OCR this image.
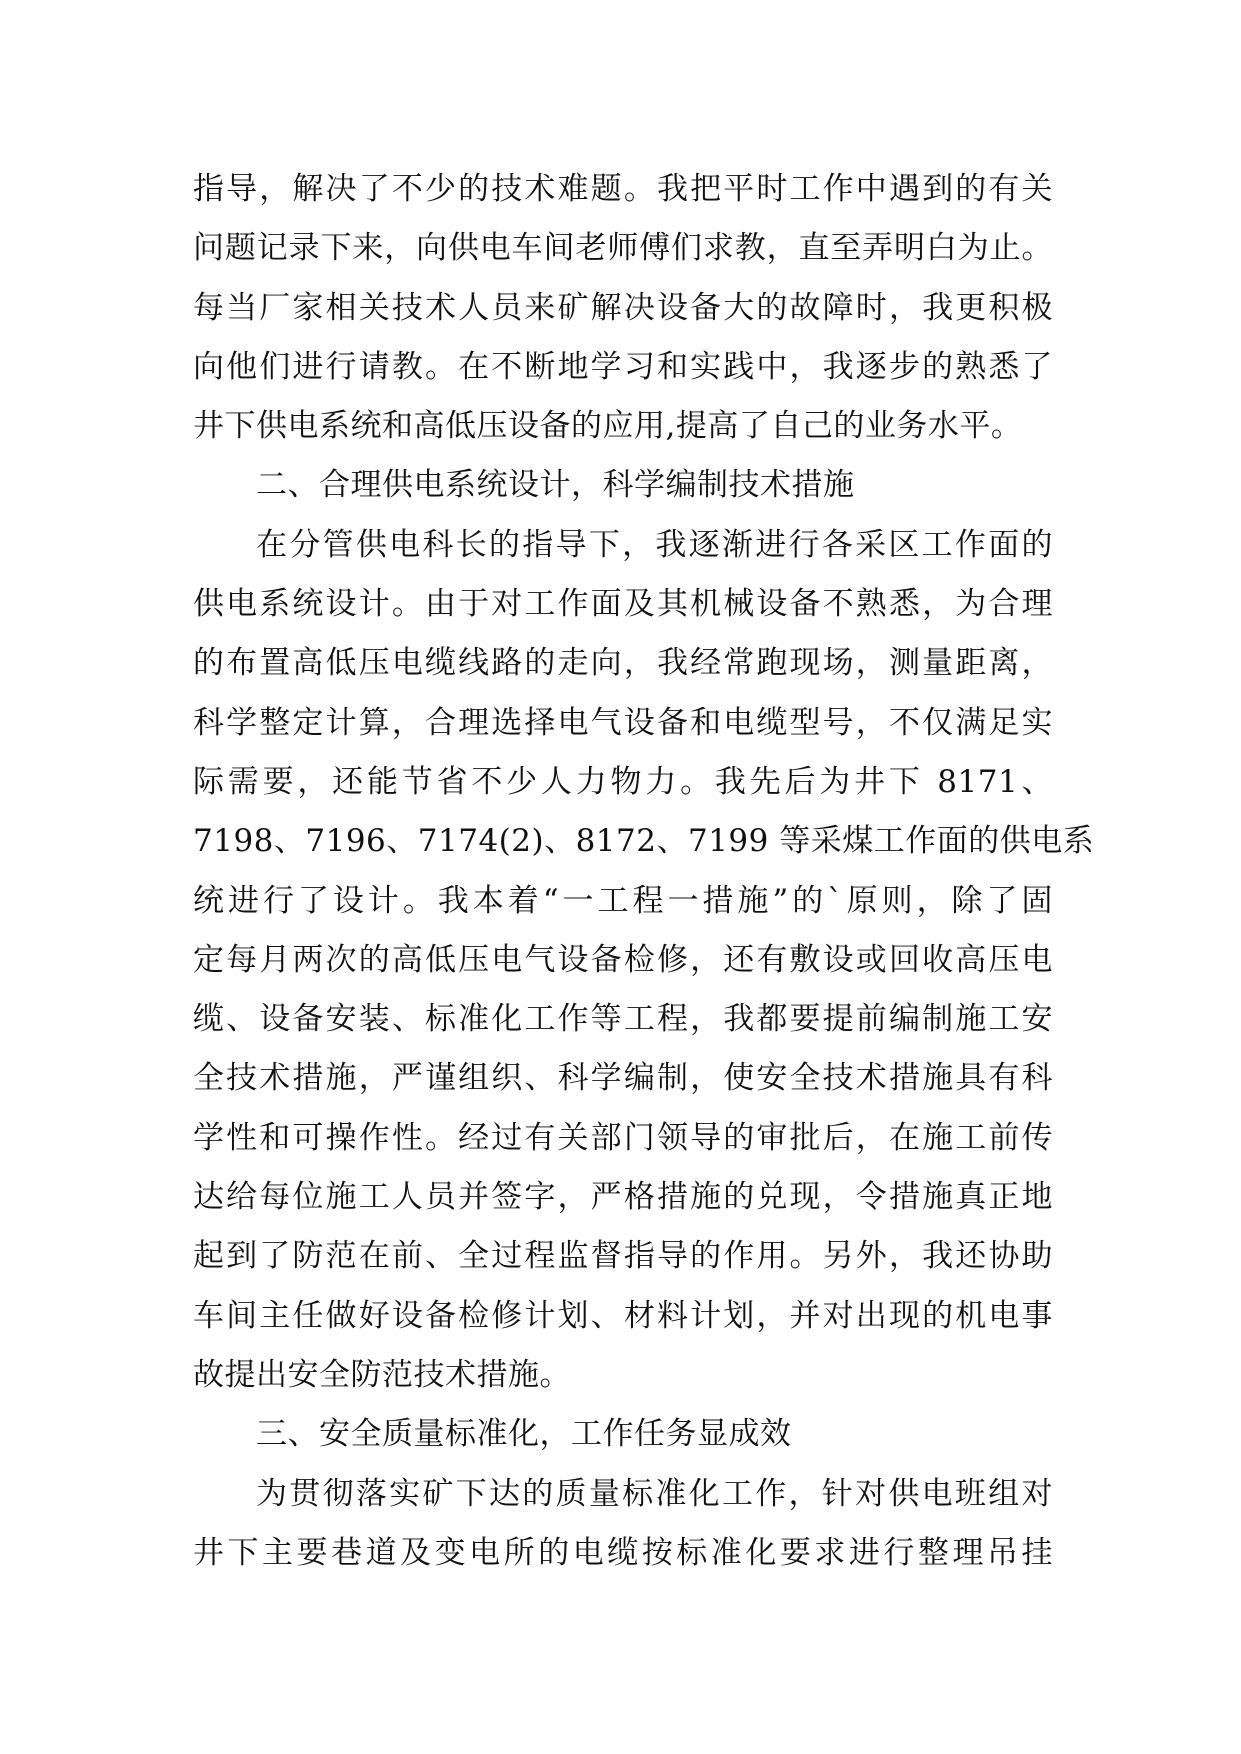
指导，解决了不少的技术难题。我把平时工作中遇到的有关
问题记录下来，向供电车间老师傅们求教，直至弄明白为止。
每当厂家相关技术人员来矿解决设备大的故障时，我更积极
向他们进行请教。在不断地学习和实践中，我逐步的熟悉了
井下供电系统和高低压设备的应用,提高了自己的业务水平。
二、合理供电系统设计，科学编制技术措施
在分管供电科长的指导下，我逐渐进行各采区工作面的
供电系统设计。由于对工作面及其机械设备不熟悉，为合理
的布置高低压电缆线路的走向，我经常跑现场，测量距离，
科学整定计算，合理选择电气设备和电缆型号，不仅满足实
际需要，还能节省不少人力物力。我先后为井下 8171、
7198、7196、7174(2)、8172、7199 等采煤工作面的供电系
统进行了设计。我本着“一工程一措施”的`原则，除了固
定每月两次的高低压电气设备检修，还有敷设或回收高压电
缆、设备安装、标准化工作等工程，我都要提前编制施工安
全技术措施，严谨组织、科学编制，使安全技术措施具有科
学性和可操作性。经过有关部门领导的审批后，在施工前传
达给每位施工人员并签字，严格措施的兑现，令措施真正地
起到了防范在前、全过程监督指导的作用。另外，我还协助
车间主任做好设备检修计划、材料计划，并对出现的机电事
故提出安全防范技术措施。
三、安全质量标准化，工作任务显成效
为贯彻落实矿下达的质量标准化工作，针对供电班组对
井下主要巷道及变电所的电缆按标准化要求进行整理吊挂
